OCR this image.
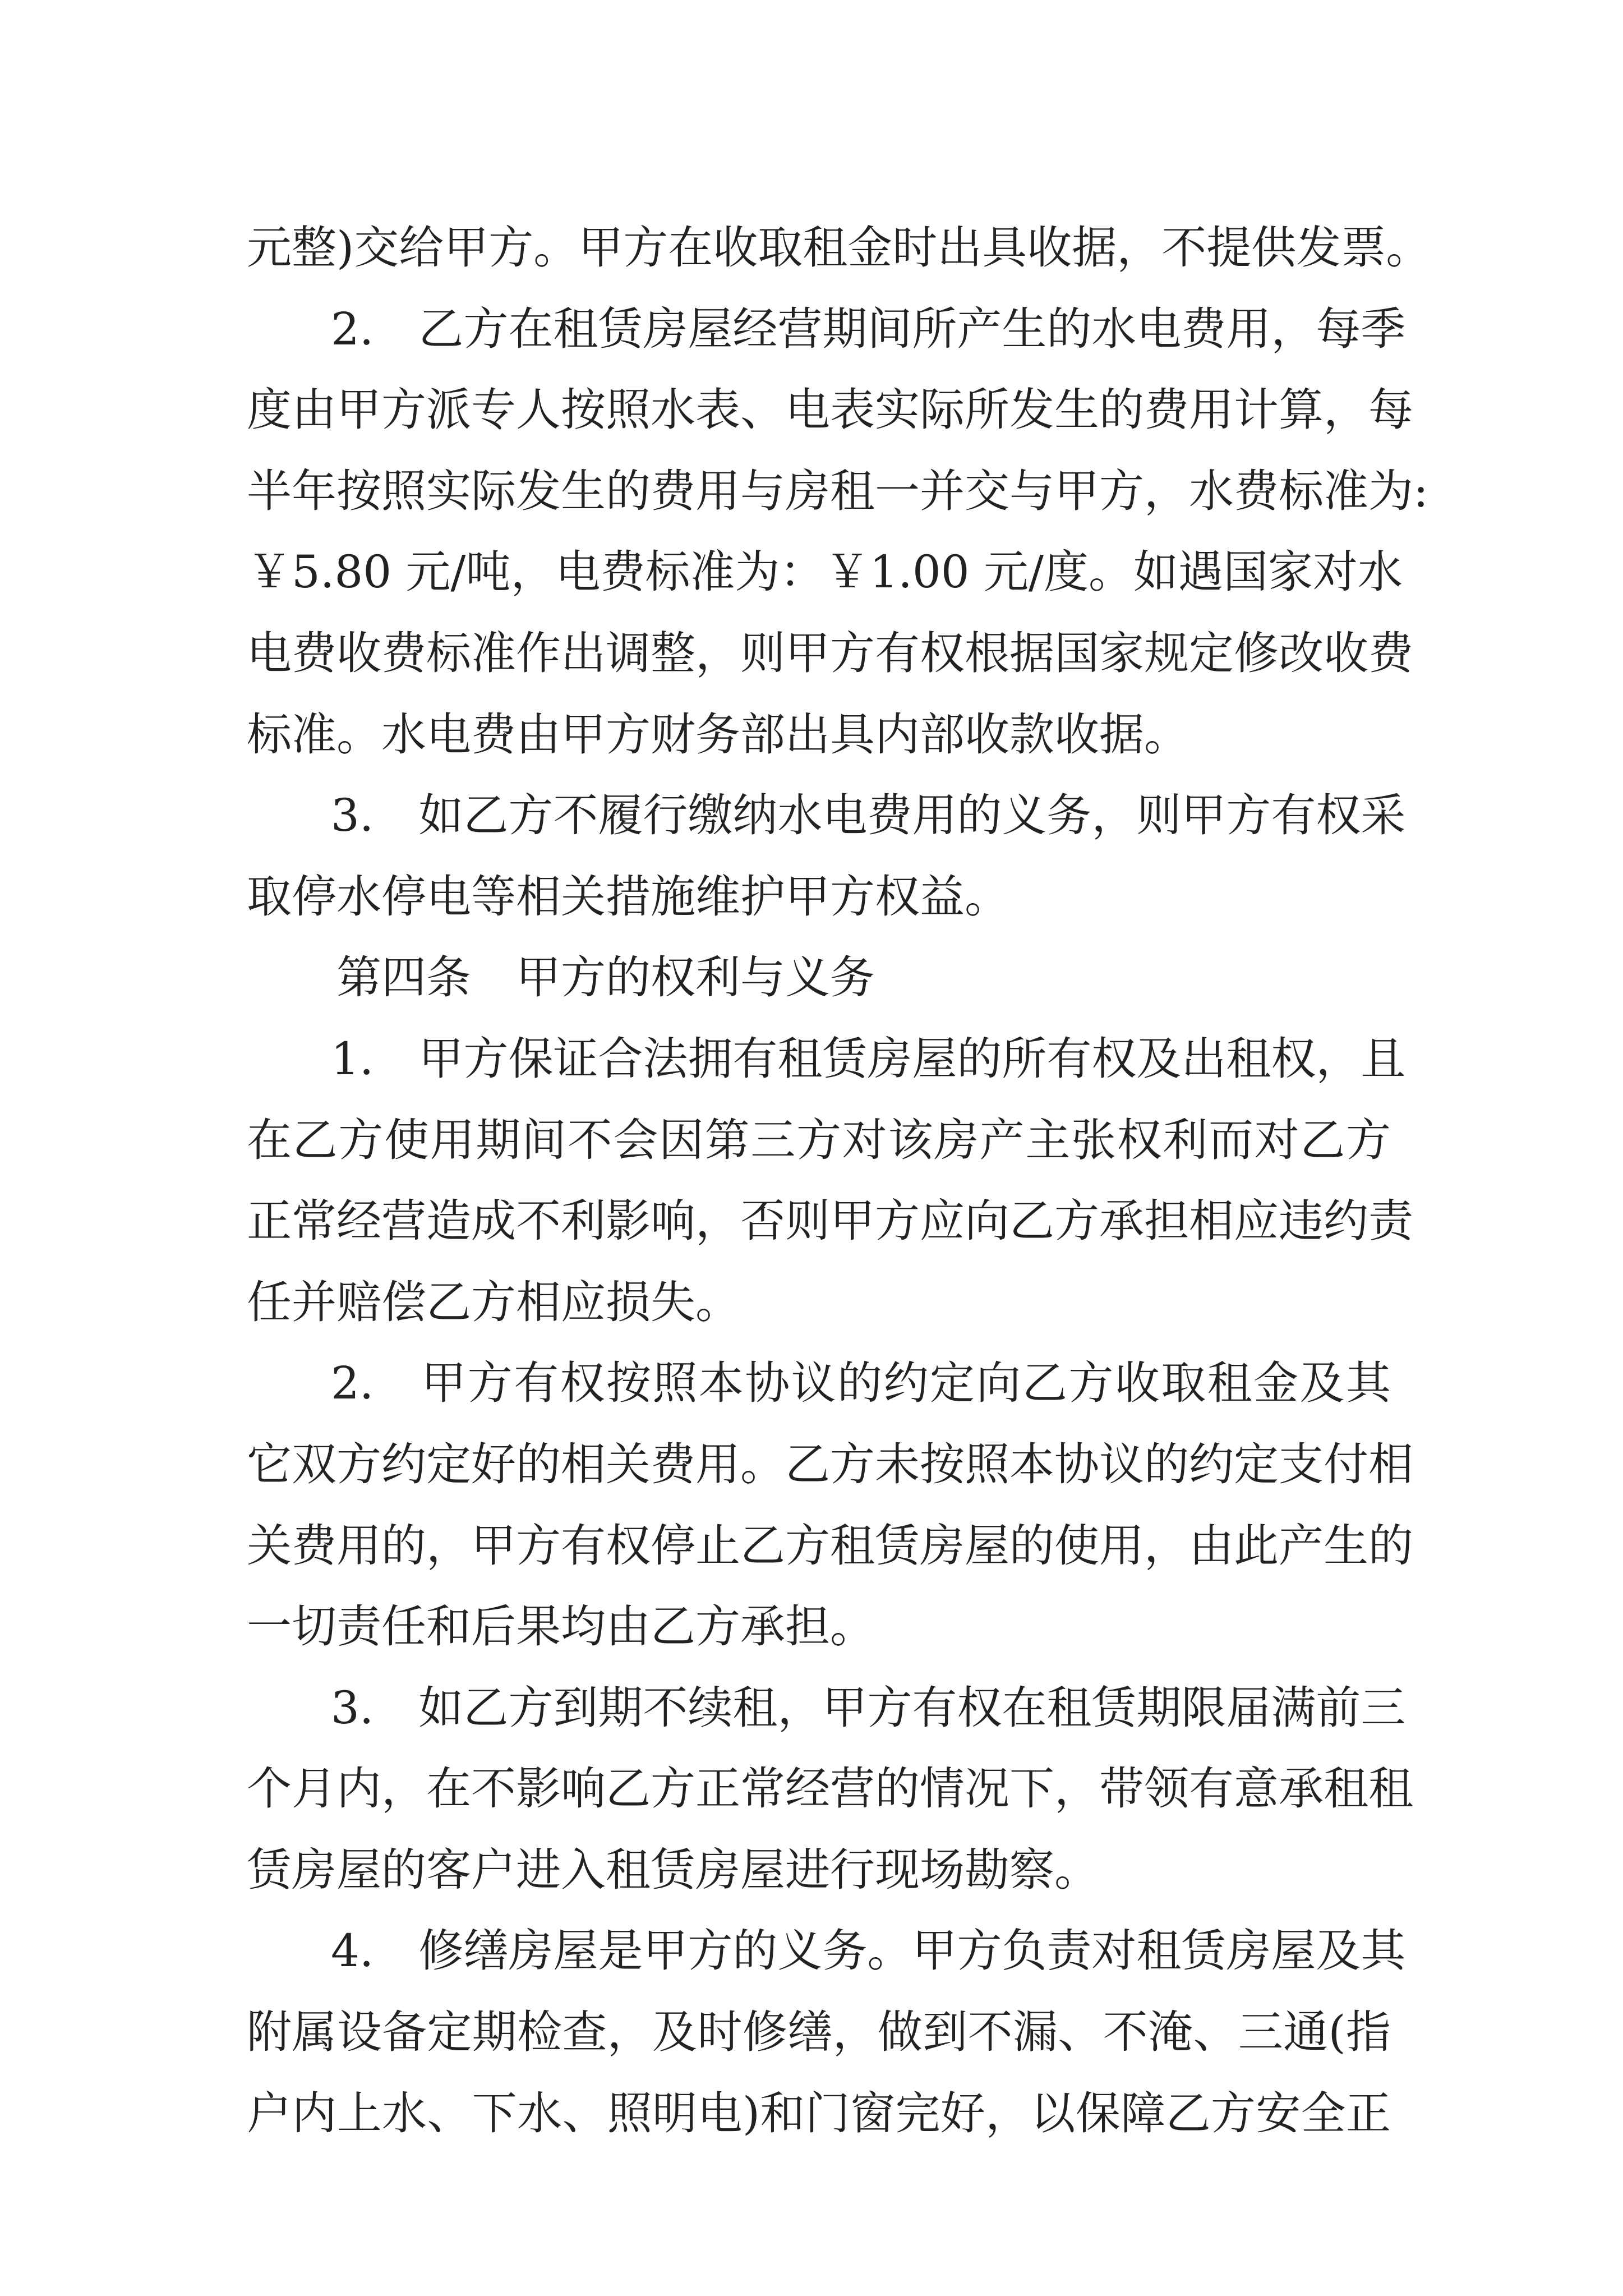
元整)交给甲方。甲方在收取租金时出具收据，不提供发票。
2.　乙方在租赁房屋经营期间所产生的水电费用，每季
度由甲方派专人按照水表、电表实际所发生的费用计算，每
半年按照实际发生的费用与房租一并交与甲方，水费标准为:
￥5.80 元/吨，电费标准为：￥1.00 元/度。如遇国家对水
电费收费标准作出调整，则甲方有权根据国家规定修改收费
标准。水电费由甲方财务部出具内部收款收据。
3.　如乙方不履行缴纳水电费用的义务，则甲方有权采
取停水停电等相关措施维护甲方权益。
第四条　甲方的权利与义务
1.　甲方保证合法拥有租赁房屋的所有权及出租权，且
在乙方使用期间不会因第三方对该房产主张权利而对乙方
正常经营造成不利影响，否则甲方应向乙方承担相应违约责
任并赔偿乙方相应损失。
2.　甲方有权按照本协议的约定向乙方收取租金及其
它双方约定好的相关费用。乙方未按照本协议的约定支付相
关费用的，甲方有权停止乙方租赁房屋的使用，由此产生的
一切责任和后果均由乙方承担。
3.　如乙方到期不续租，甲方有权在租赁期限届满前三
个月内，在不影响乙方正常经营的情况下，带领有意承租租
赁房屋的客户进入租赁房屋进行现场勘察。
4.　修缮房屋是甲方的义务。甲方负责对租赁房屋及其
附属设备定期检查，及时修缮，做到不漏、不淹、三通(指
户内上水、下水、照明电)和门窗完好，以保障乙方安全正
